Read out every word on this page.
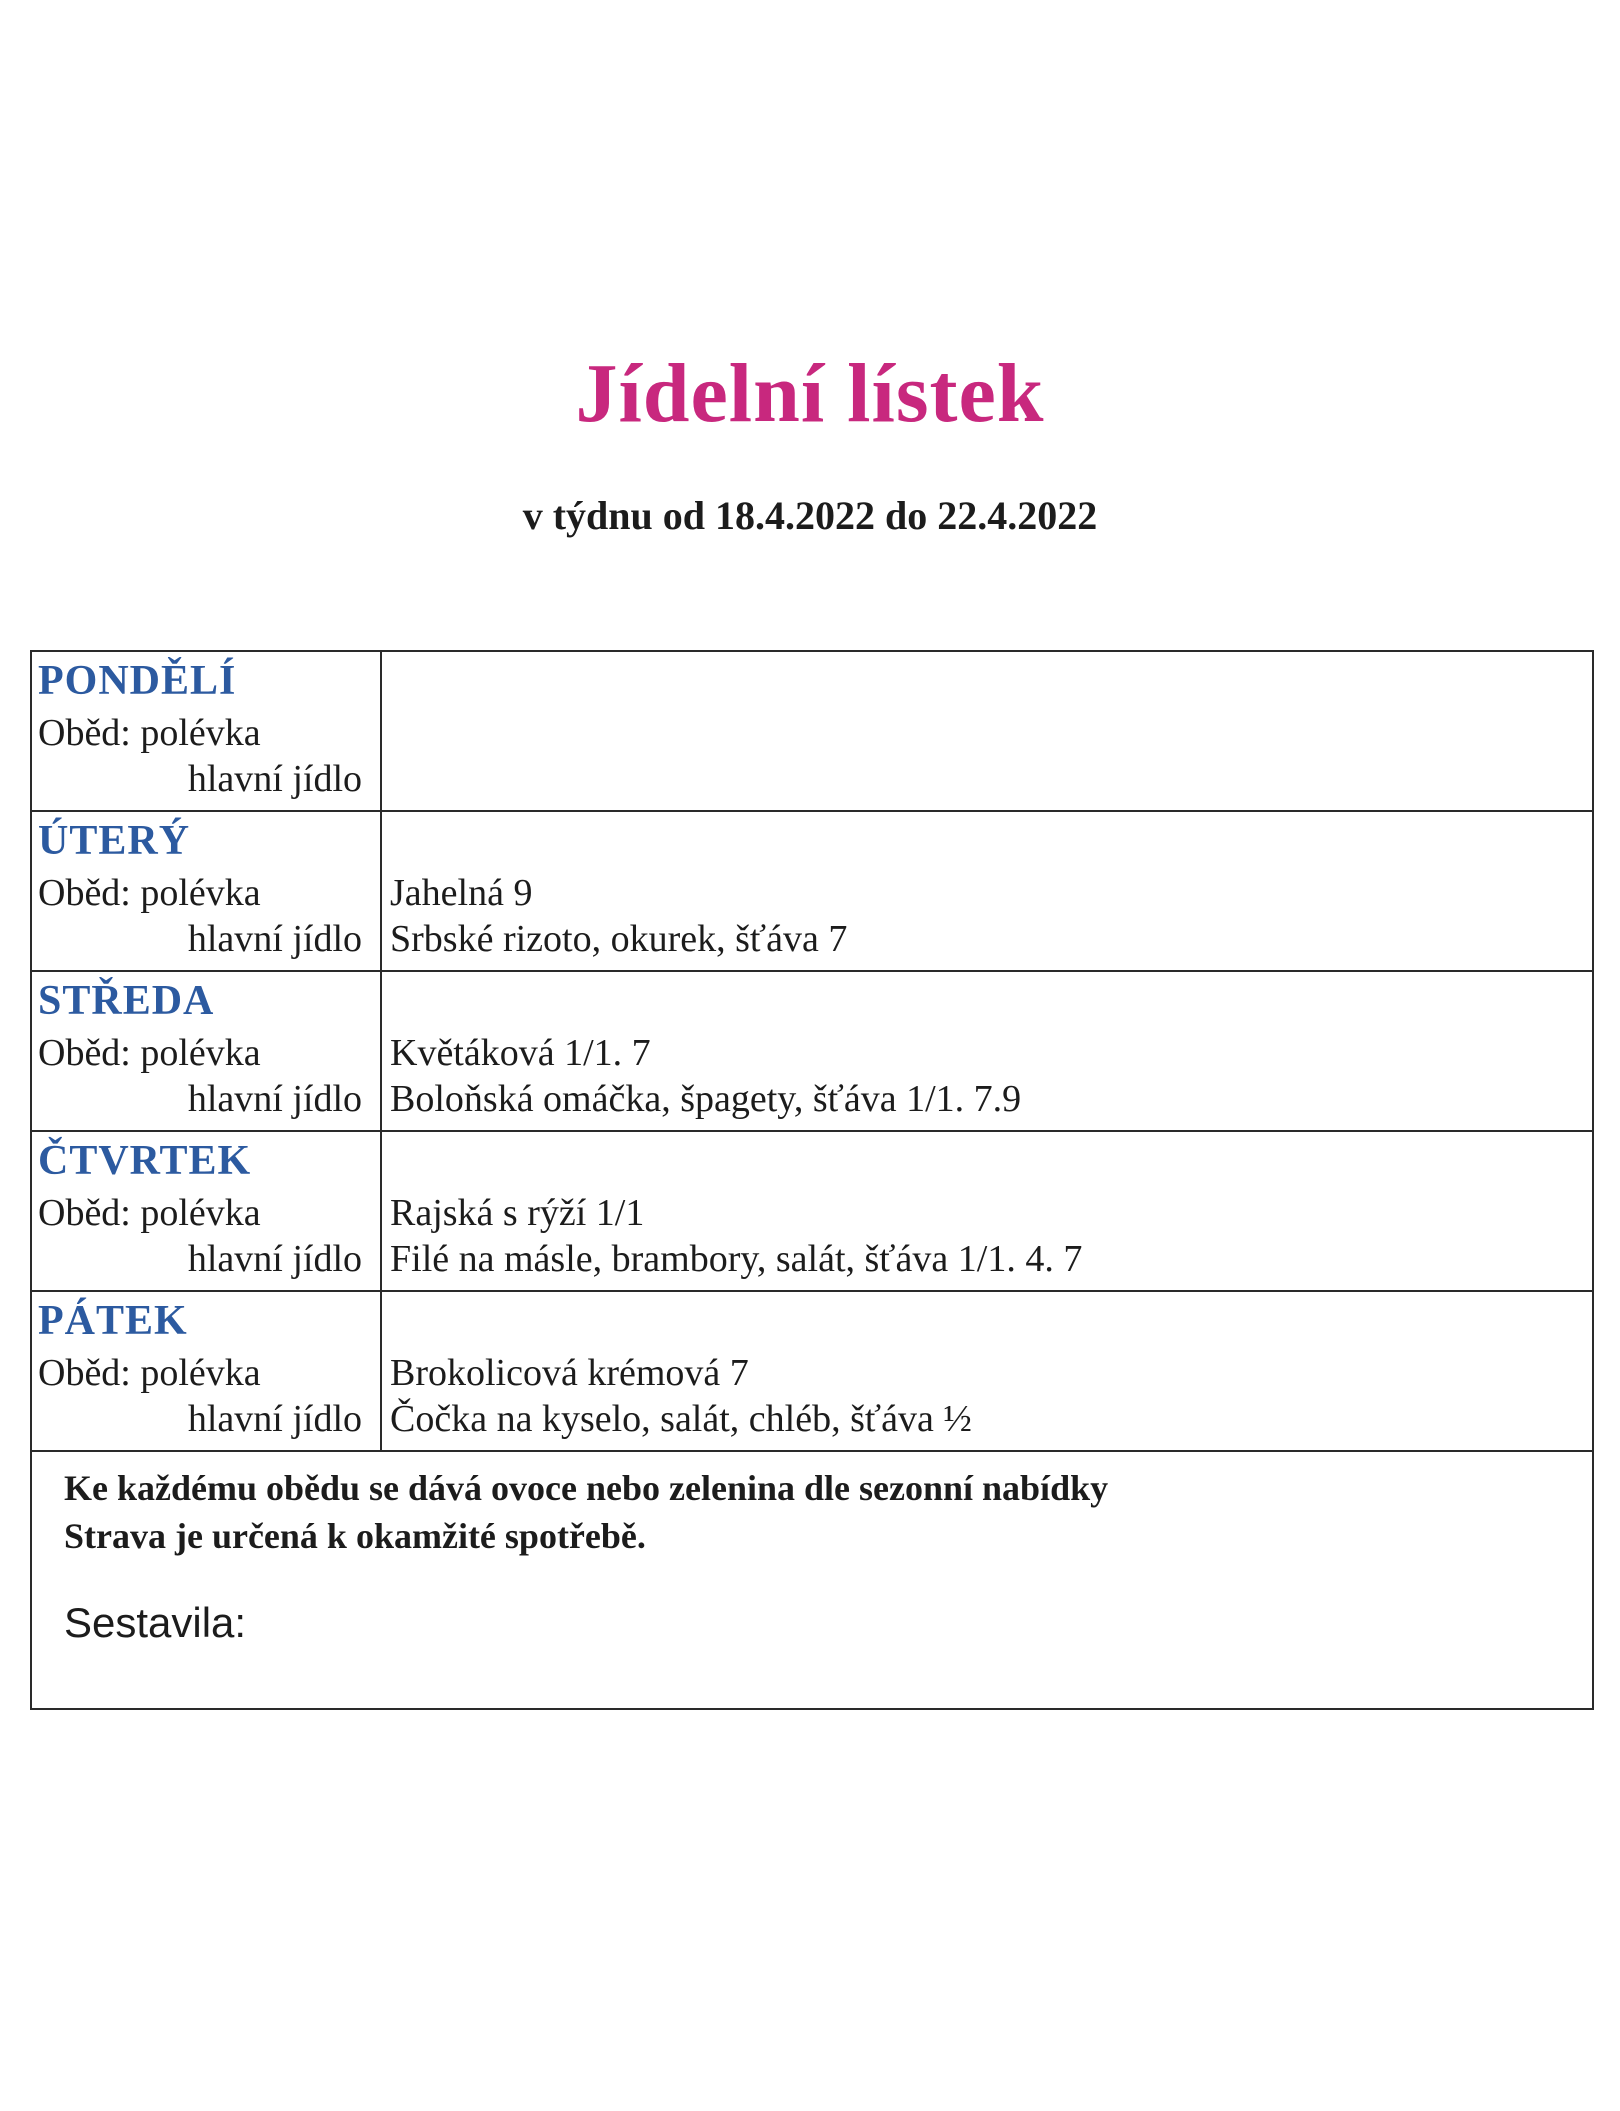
Jídelní lístek
v týdnu od 18.4.2022 do 22.4.2022
PONDĚLÍ
Oběd: polévka
hlavní jídlo
ÚTERÝ
Oběd: polévka
hlavní jídlo
Jahelná 9
Srbské rizoto, okurek, šťáva 7
STŘEDA
Oběd: polévka
hlavní jídlo
Květáková 1/1. 7
Boloňská omáčka, špagety, šťáva 1/1. 7.9
ČTVRTEK
Oběd: polévka
hlavní jídlo
Rajská s rýží 1/1
Filé na másle, brambory, salát, šťáva 1/1. 4. 7
PÁTEK
Oběd: polévka
hlavní jídlo
Brokolicová krémová 7
Čočka na kyselo, salát, chléb, šťáva ½
Ke každému obědu se dává ovoce nebo zelenina dle sezonní nabídky
Strava je určená k okamžité spotřebě.
Sestavila:
